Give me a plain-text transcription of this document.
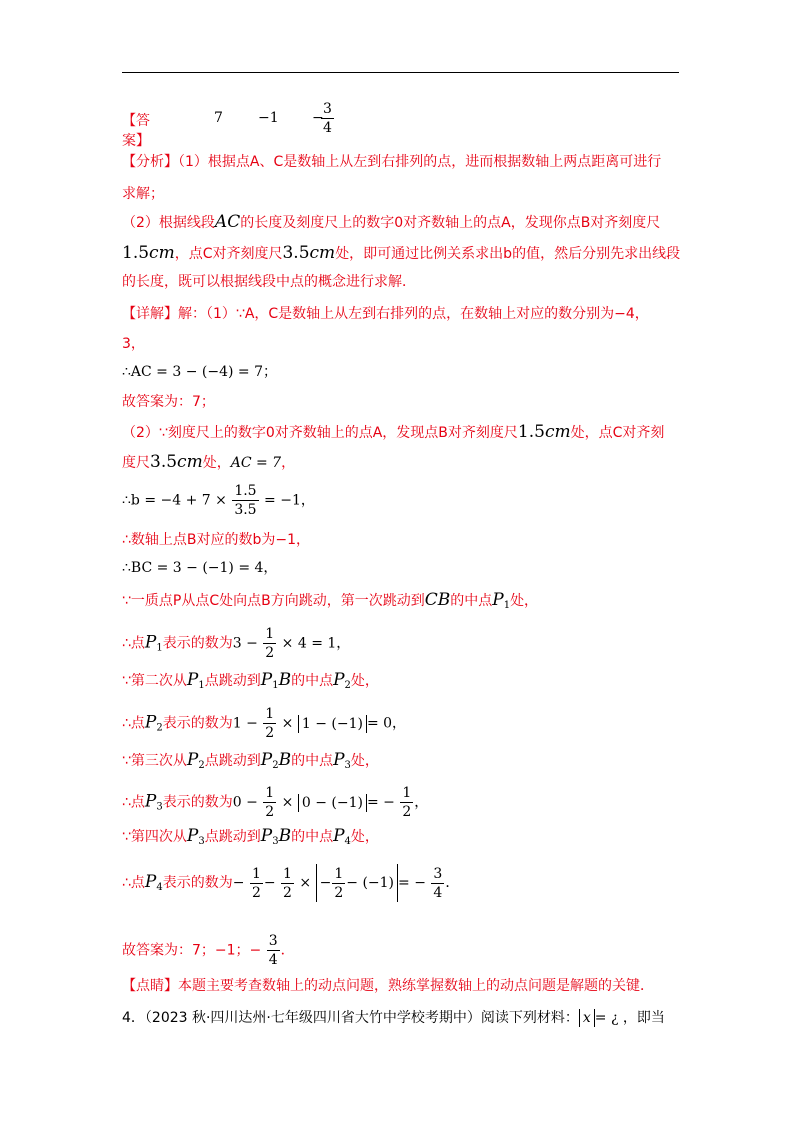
【答案】
7	−1 −
$\frac{3}{4}$
【分析】（1）根据点A、C是数轴上从左到右排列的点，进而根据数轴上两点距离可进行
求解；
（2）根据线段AC的长度及刻度尺上的数字0对齐数轴上的点A，发现你点B对齐刻度尺
1.5cm，点C对齐刻度尺3.5cm处，即可通过比例关系求出b的值，然后分别先求出线段
的长度，既可以根据线段中点的概念进行求解．
【详解】解：（1）∵A，C是数轴上从左到右排列的点，在数轴上对应的数分别为−4，
3，
∴AC = 3 − (−4) = 7；
故答案为：7；
（2）∵刻度尺上的数字0对齐数轴上的点A，发现点B对齐刻度尺1.5cm处，点C对齐刻
度尺3.5cm处，AC = 7，
∴b = $-4 + 7 \times \frac{1.5}{3.5} = -1$，
∴数轴上点B对应的数b为−1，
∴BC = 3 − (−1) = 4，
∵一质点P从点C处向点B方向跳动，第一次跳动到CB的中点$P_1$处，
∴点$P_1$表示的数为$3 - \frac{1}{2} \times 4 = 1$，
∵第二次从$P_1$点跳动到$P_1B$的中点$P_2$处，
∴点$P_2$表示的数为$1 - \frac{1}{2} \times 1 - (-1) = 0$，
∵第三次从$P_2$点跳动到$P_2B$的中点$P_3$处，
∴点$P_3$表示的数为$0 - \frac{1}{2} \times 0 - (-1)$ = − $\frac{1}{2}$ ，
∵第四次从$P_3$点跳动到$P_3B$的中点$P_4$处，
∴点$P_4$表示的数为− $\frac{1}{2} - \frac{1}{2}$ × − $\frac{1}{2} - (-1)$ = − $\frac{3}{4}$ ．
故答案为：7；−1；− $\frac{3}{4}$ ．
【点睛】本题主要考查数轴上的动点问题，熟练掌握数轴上的动点问题是解题的关键．
4．（2023 秋·四川达州·七年级四川省大竹中学校考期中）阅读下列材料： x = ¿ ，即当
